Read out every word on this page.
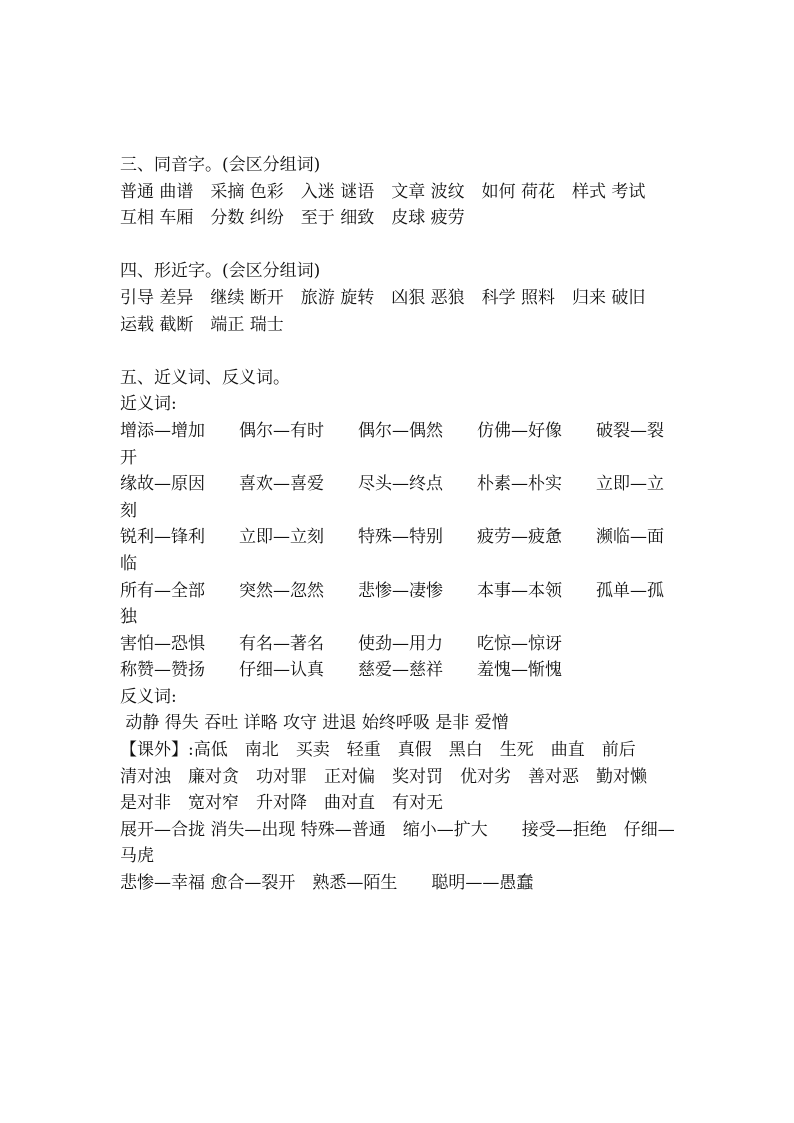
三、同音字。(会区分组词)

普通 曲谱　采摘 色彩　入迷 谜语　文章 波纹　如何 荷花　样式 考试

互相 车厢　分数 纠纷　至于 细致　皮球 疲劳

四、形近字。(会区分组词)

引导 差异　继续 断开　旅游 旋转　凶狠 恶狼　科学 照料　归来 破旧

运载 截断　端正 瑞士

五、近义词、反义词。

近义词:

增添—增加　　偶尔—有时　　偶尔—偶然　　仿佛—好像　　破裂—裂开

缘故—原因　　喜欢—喜爱　　尽头—终点　　朴素—朴实　　立即—立刻

锐利—锋利　　立即—立刻　　特殊—特别　　疲劳—疲惫　　濒临—面临

所有—全部　　突然—忽然　　悲惨—凄惨　　本事—本领　　孤单—孤独

害怕—恐惧　　有名—著名　　使劲—用力　　吃惊—惊讶

称赞—赞扬　　仔细—认真　　慈爱—慈祥　　羞愧—惭愧

反义词:

动静 得失 吞吐 详略 攻守 进退 始终呼吸 是非 爱憎

【课外】:高低　南北　买卖　轻重　真假　黑白　生死　曲直　前后

清对浊　廉对贪　功对罪　正对偏　奖对罚　优对劣　善对恶　勤对懒

是对非　宽对窄　升对降　曲对直　有对无

展开—合拢 消失—出现 特殊—普通　缩小—扩大　　接受—拒绝　仔细—马虎

悲惨—幸福 愈合—裂开　熟悉—陌生　　聪明——愚蠢
